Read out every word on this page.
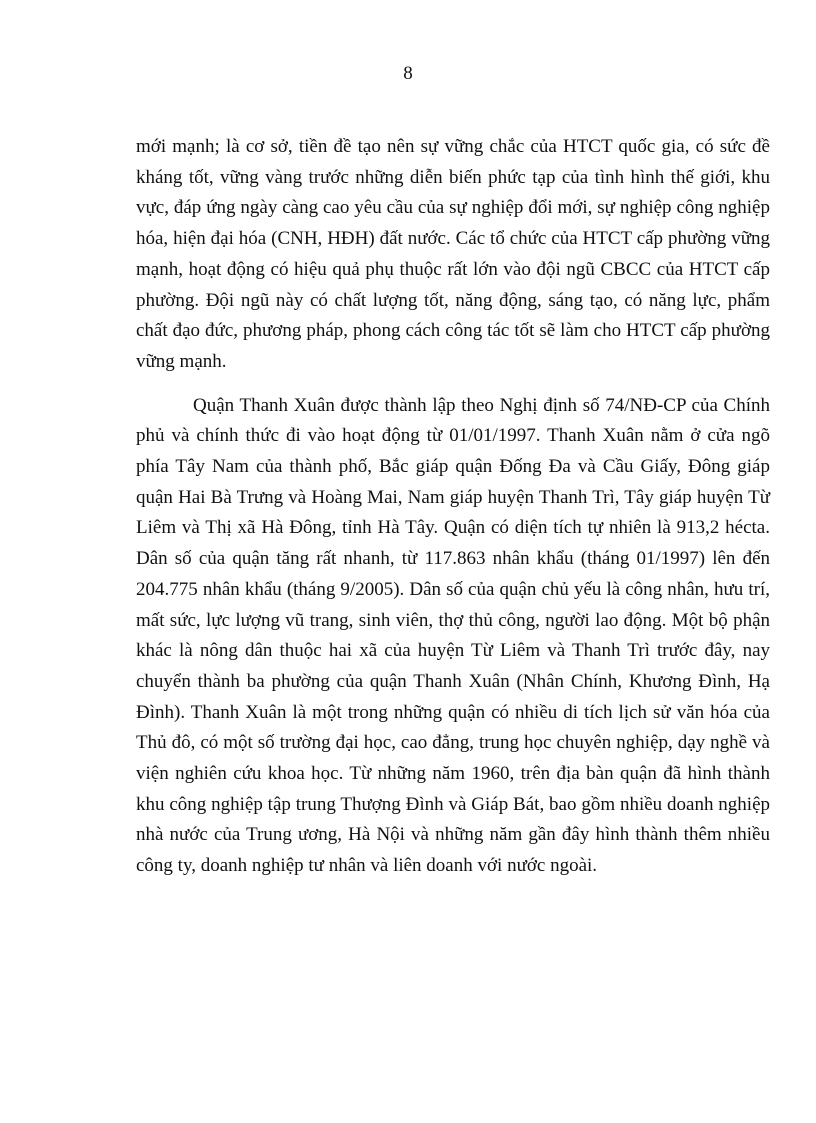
8

mới mạnh; là cơ sở, tiền đề tạo nên sự vững chắc của HTCT quốc gia, có sức đề kháng tốt, vững vàng trước những diễn biến phức tạp của tình hình thế giới, khu vực, đáp ứng ngày càng cao yêu cầu của sự nghiệp đổi mới, sự nghiệp công nghiệp hóa, hiện đại hóa (CNH, HĐH) đất nước. Các tổ chức của HTCT cấp phường vững mạnh, hoạt động có hiệu quả phụ thuộc rất lớn vào đội ngũ CBCC của HTCT cấp phường. Đội ngũ này có chất lượng tốt, năng động, sáng tạo, có năng lực, phẩm chất đạo đức, phương pháp, phong cách công tác tốt sẽ làm cho HTCT cấp phường vững mạnh.

Quận Thanh Xuân được thành lập theo Nghị định số 74/NĐ-CP của Chính phủ và chính thức đi vào hoạt động từ 01/01/1997. Thanh Xuân nằm ở cửa ngõ phía Tây Nam của thành phố, Bắc giáp quận Đống Đa và Cầu Giấy, Đông giáp quận Hai Bà Trưng và Hoàng Mai, Nam giáp huyện Thanh Trì, Tây giáp huyện Từ Liêm và Thị xã Hà Đông, tỉnh Hà Tây. Quận có diện tích tự nhiên là 913,2 hécta. Dân số của quận tăng rất nhanh, từ 117.863 nhân khẩu (tháng 01/1997) lên đến 204.775 nhân khẩu (tháng 9/2005). Dân số của quận chủ yếu là công nhân, hưu trí, mất sức, lực lượng vũ trang, sinh viên, thợ thủ công, người lao động. Một bộ phận khác là nông dân thuộc hai xã của huyện Từ Liêm và Thanh Trì trước đây, nay chuyển thành ba phường của quận Thanh Xuân (Nhân Chính, Khương Đình, Hạ Đình). Thanh Xuân là một trong những quận có nhiều di tích lịch sử văn hóa của Thủ đô, có một số trường đại học, cao đẳng, trung học chuyên nghiệp, dạy nghề và viện nghiên cứu khoa học. Từ những năm 1960, trên địa bàn quận đã hình thành khu công nghiệp tập trung Thượng Đình và Giáp Bát, bao gồm nhiều doanh nghiệp nhà nước của Trung ương, Hà Nội và những năm gần đây hình thành thêm nhiều công ty, doanh nghiệp tư nhân và liên doanh với nước ngoài.
